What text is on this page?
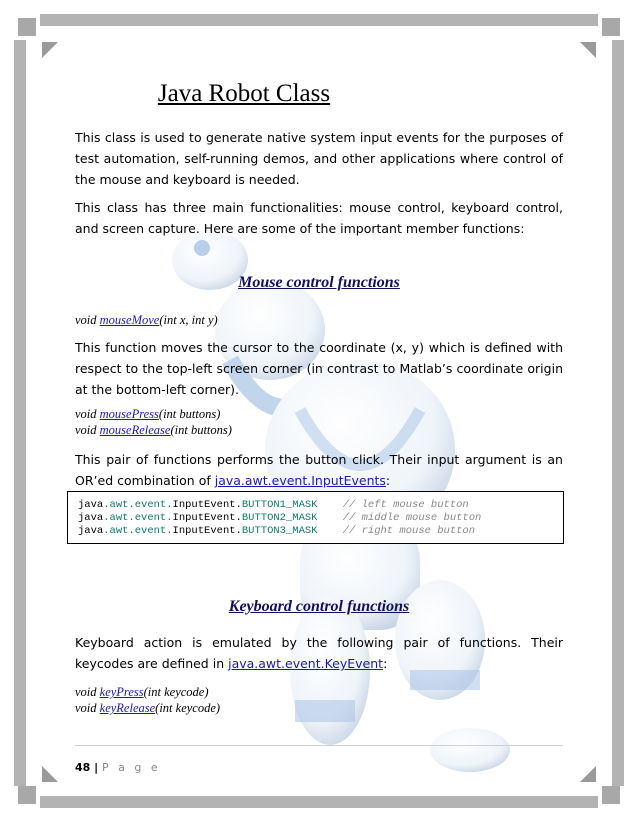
Java Robot Class

This class is used to generate native system input events for the purposes of test automation, self-running demos, and other applications where control of the mouse and keyboard is needed.

This class has three main functionalities: mouse control, keyboard control, and screen capture. Here are some of the important member functions:

Mouse control functions
void mouseMove(int x, int y)

This function moves the cursor to the coordinate (x, y) which is defined with respect to the top-left screen corner (in contrast to Matlab’s coordinate origin at the bottom-left corner).

void mousePress(int buttons)
void mouseRelease(int buttons)

This pair of functions performs the button click. Their input argument is an OR’ed combination of java.awt.event.InputEvents:

Keyboard control functions

Keyboard action is emulated by the following pair of functions. Their keycodes are defined in java.awt.event.KeyEvent:

void keyPress(int keycode)
void keyRelease(int keycode)
java.awt.event.InputEvent.BUTTON1_MASK // left mouse button
java.awt.event.InputEvent.BUTTON2_MASK // middle mouse button
java.awt.event.InputEvent.BUTTON3_MASK // right mouse button
48 | P a g e
